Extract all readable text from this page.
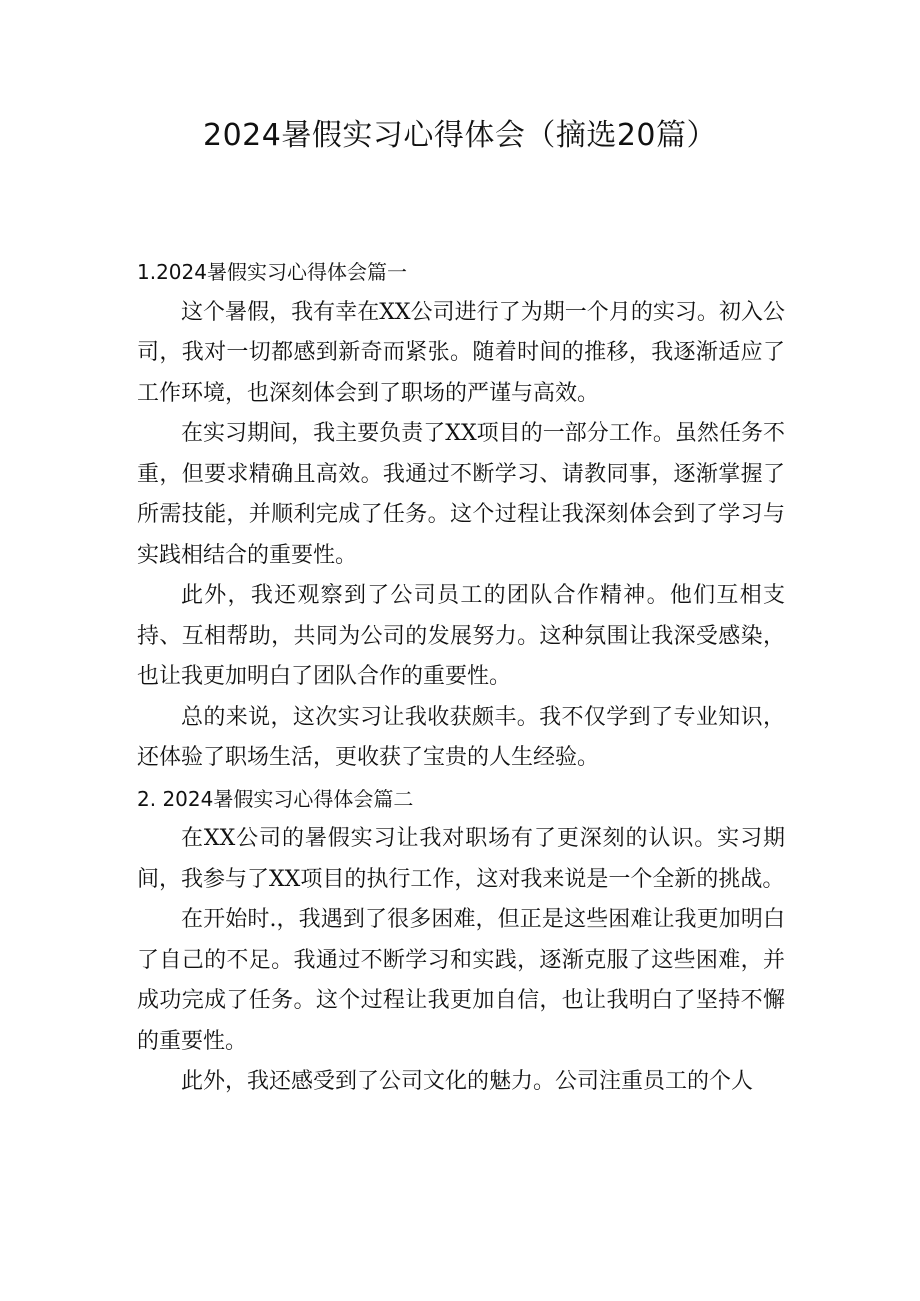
2024暑假实习心得体会（摘选20篇）
1.2024暑假实习心得体会篇一

这个暑假，我有幸在XX公司进行了为期一个月的实习。初入公司，我对一切都感到新奇而紧张。随着时间的推移，我逐渐适应了工作环境，也深刻体会到了职场的严谨与高效。

在实习期间，我主要负责了XX项目的一部分工作。虽然任务不重，但要求精确且高效。我通过不断学习、请教同事，逐渐掌握了所需技能，并顺利完成了任务。这个过程让我深刻体会到了学习与实践相结合的重要性。

此外，我还观察到了公司员工的团队合作精神。他们互相支持、互相帮助，共同为公司的发展努力。这种氛围让我深受感染，也让我更加明白了团队合作的重要性。

总的来说，这次实习让我收获颇丰。我不仅学到了专业知识，还体验了职场生活，更收获了宝贵的人生经验。

2. 2024暑假实习心得体会篇二

在XX公司的暑假实习让我对职场有了更深刻的认识。实习期间，我参与了XX项目的执行工作，这对我来说是一个全新的挑战。

在开始时.，我遇到了很多困难，但正是这些困难让我更加明白了自己的不足。我通过不断学习和实践，逐渐克服了这些困难，并成功完成了任务。这个过程让我更加自信，也让我明白了坚持不懈的重要性。

此外，我还感受到了公司文化的魅力。公司注重员工的个人
